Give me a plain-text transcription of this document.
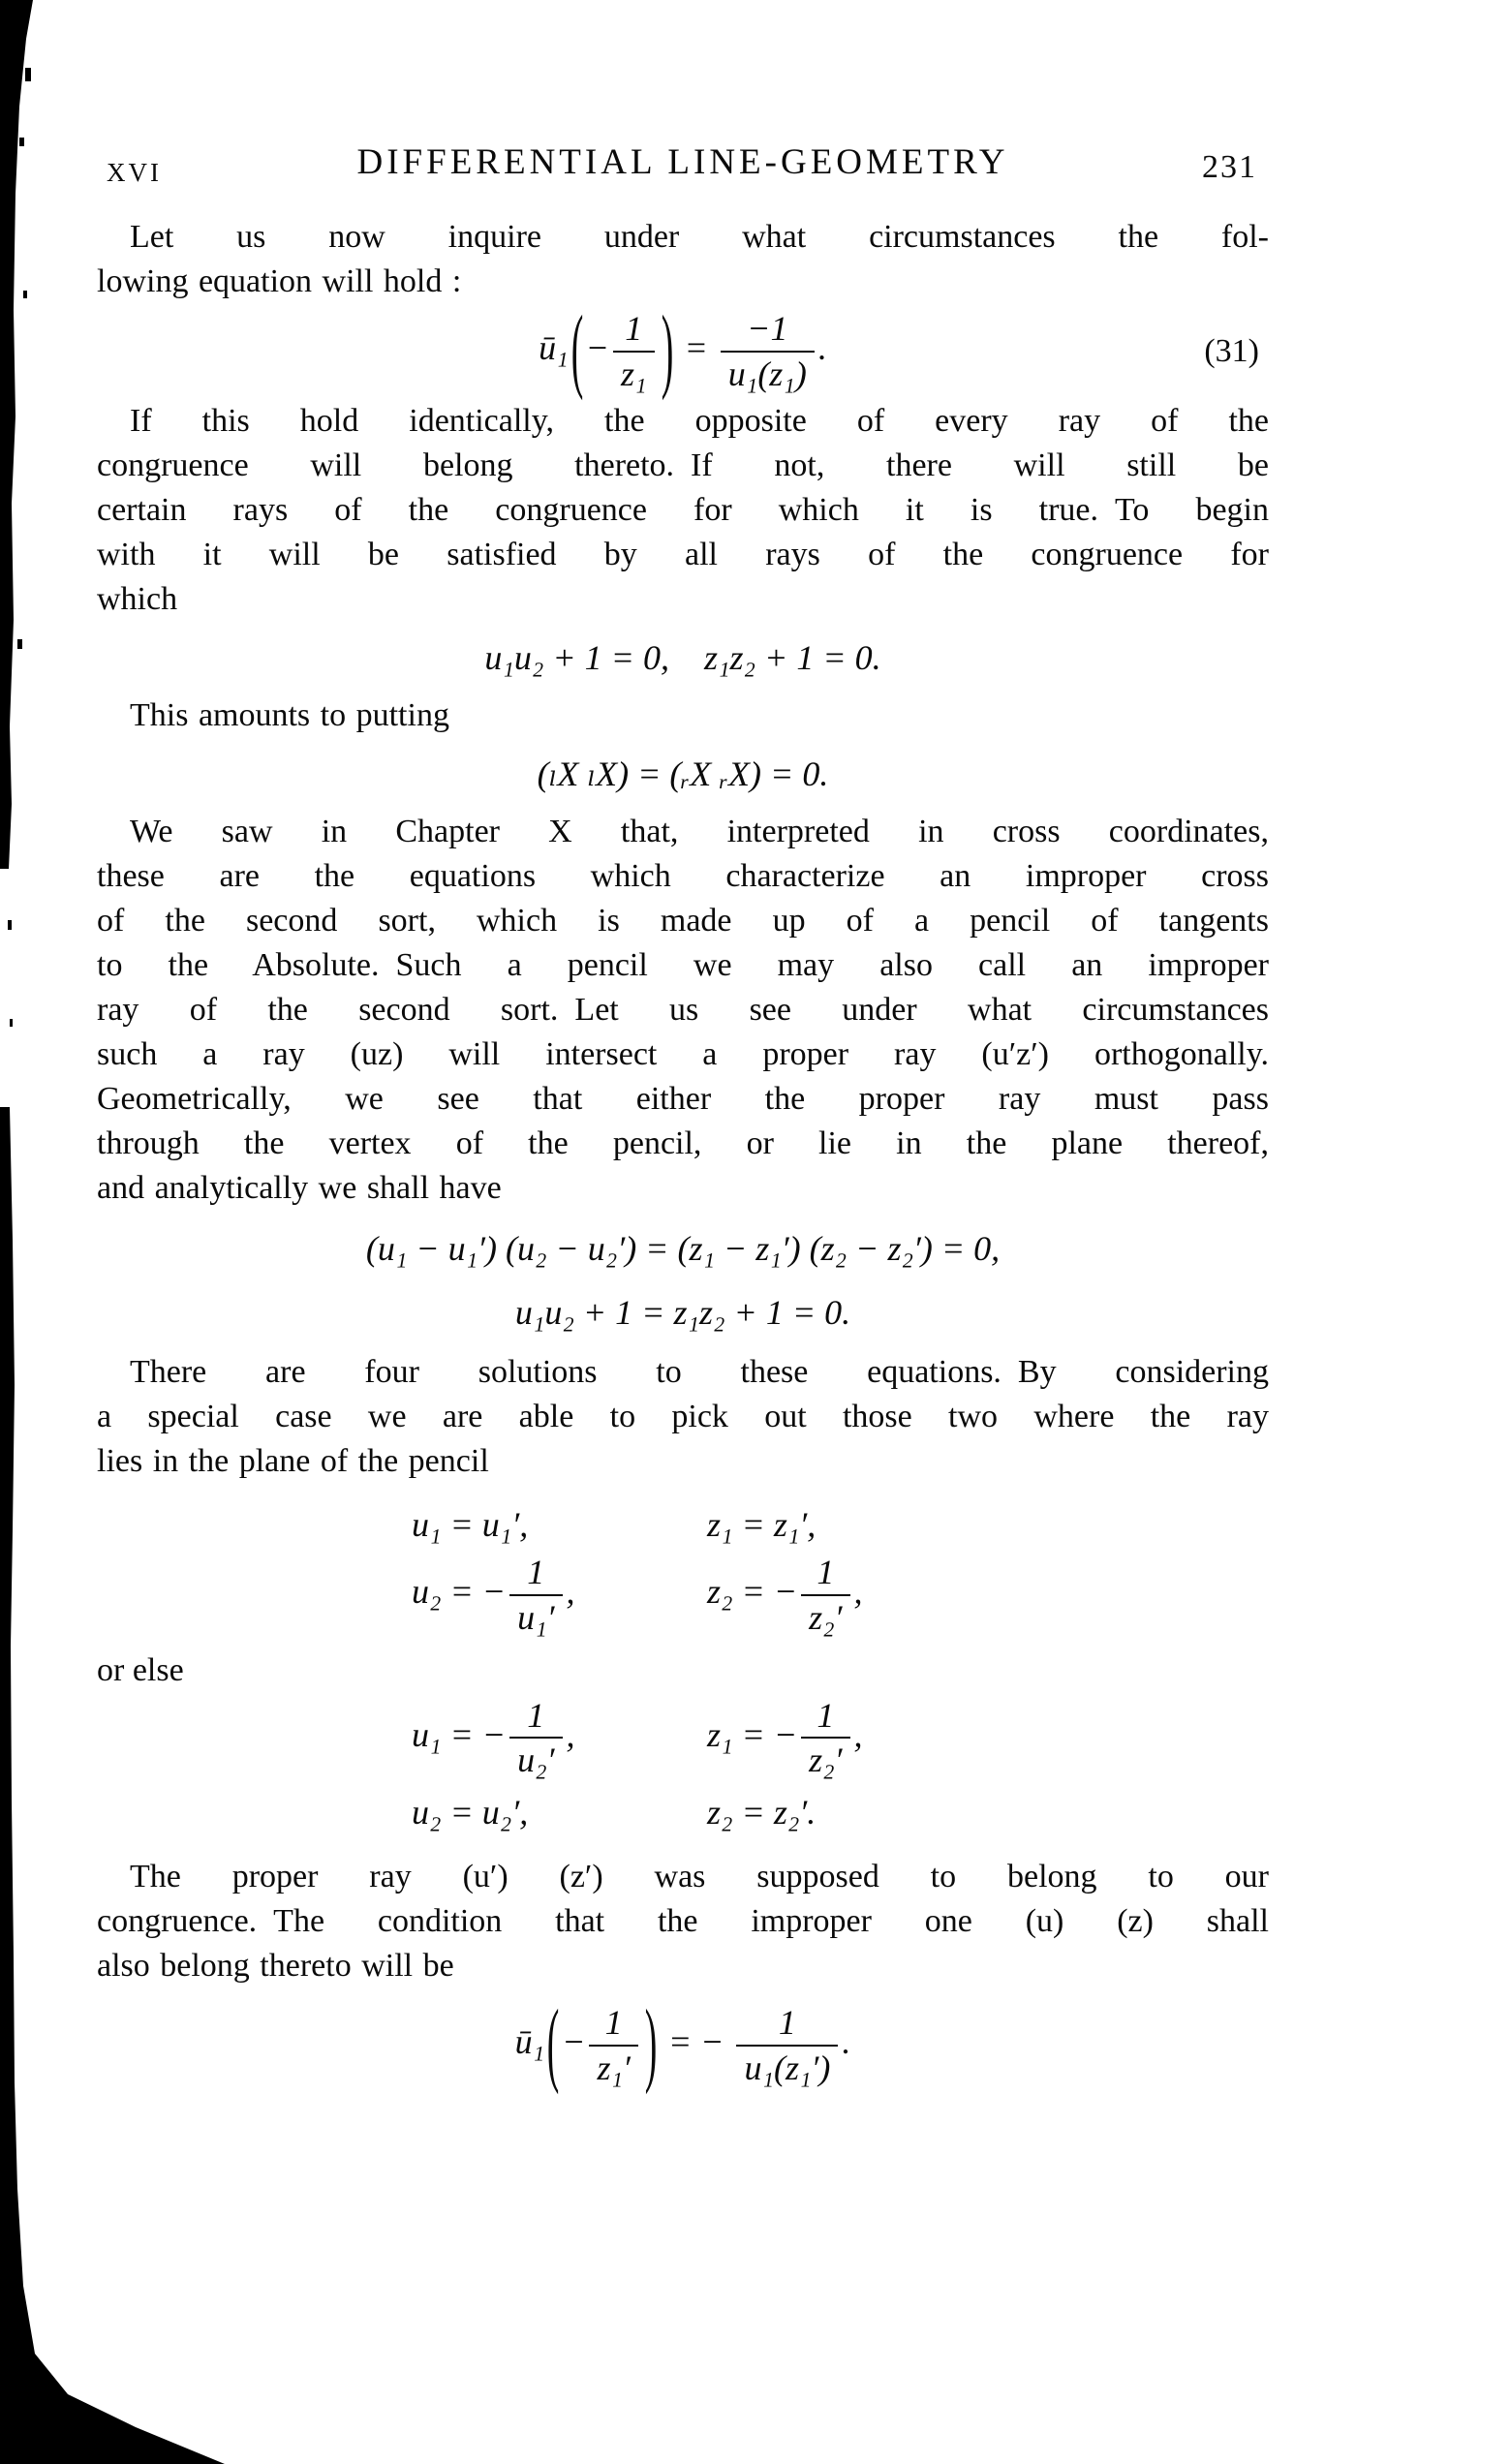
XVI	DIFFERENTIAL LINE-GEOMETRY	231
Let us now inquire under what circumstances the fol-
lowing equation will hold :
ū₁(− $\frac{1}{\text{z₁}}$ ) = $\frac{-1}{\text{u₁(z₁)}}$ .	(31)
If this hold identically, the opposite of every ray of the
congruence will belong thereto. If not, there will still be
certain rays of the congruence for which it is true. To begin
with it will be satisfied by all rays of the congruence for
which
u₁u₂ + 1 = 0, z₁z₂ + 1 = 0.
This amounts to putting
(ₗX ₗX) = (ᵣX ᵣX) = 0.
We saw in Chapter X that, interpreted in cross coordinates,
these are the equations which characterize an improper cross
of the second sort, which is made up of a pencil of tangents
to the Absolute. Such a pencil we may also call an improper
ray of the second sort. Let us see under what circumstances
such a ray (uz) will intersect a proper ray (u′z′) orthogonally.
Geometrically, we see that either the proper ray must pass
through the vertex of the pencil, or lie in the plane thereof,
and analytically we shall have
(u₁ − u₁′) (u₂ − u₂′) = (z₁ − z₁′) (z₂ − z₂′) = 0,
u₁u₂ + 1 = z₁z₂ + 1 = 0.
There are four solutions to these equations. By considering
a special case we are able to pick out those two where the ray
lies in the plane of the pencil
u₁ = u₁′,	z₁ = z₁′,
u₂ = − $\frac{1}{\text{u₁′}}$ ,	z₂ = − $\frac{1}{\text{z₂′}}$ ,
or else
u₁ = − $\frac{1}{\text{u₂′}}$ ,	z₁ = − $\frac{1}{\text{z₂′}}$ ,
u₂ = u₂′,	z₂ = z₂′.
The proper ray (u′) (z′) was supposed to belong to our
congruence. The condition that the improper one (u) (z) shall
also belong thereto will be
ū₁(− $\frac{1}{\text{z₁′}}$ ) = − $\frac{1}{\text{u₁(z₁′)}}$ .
